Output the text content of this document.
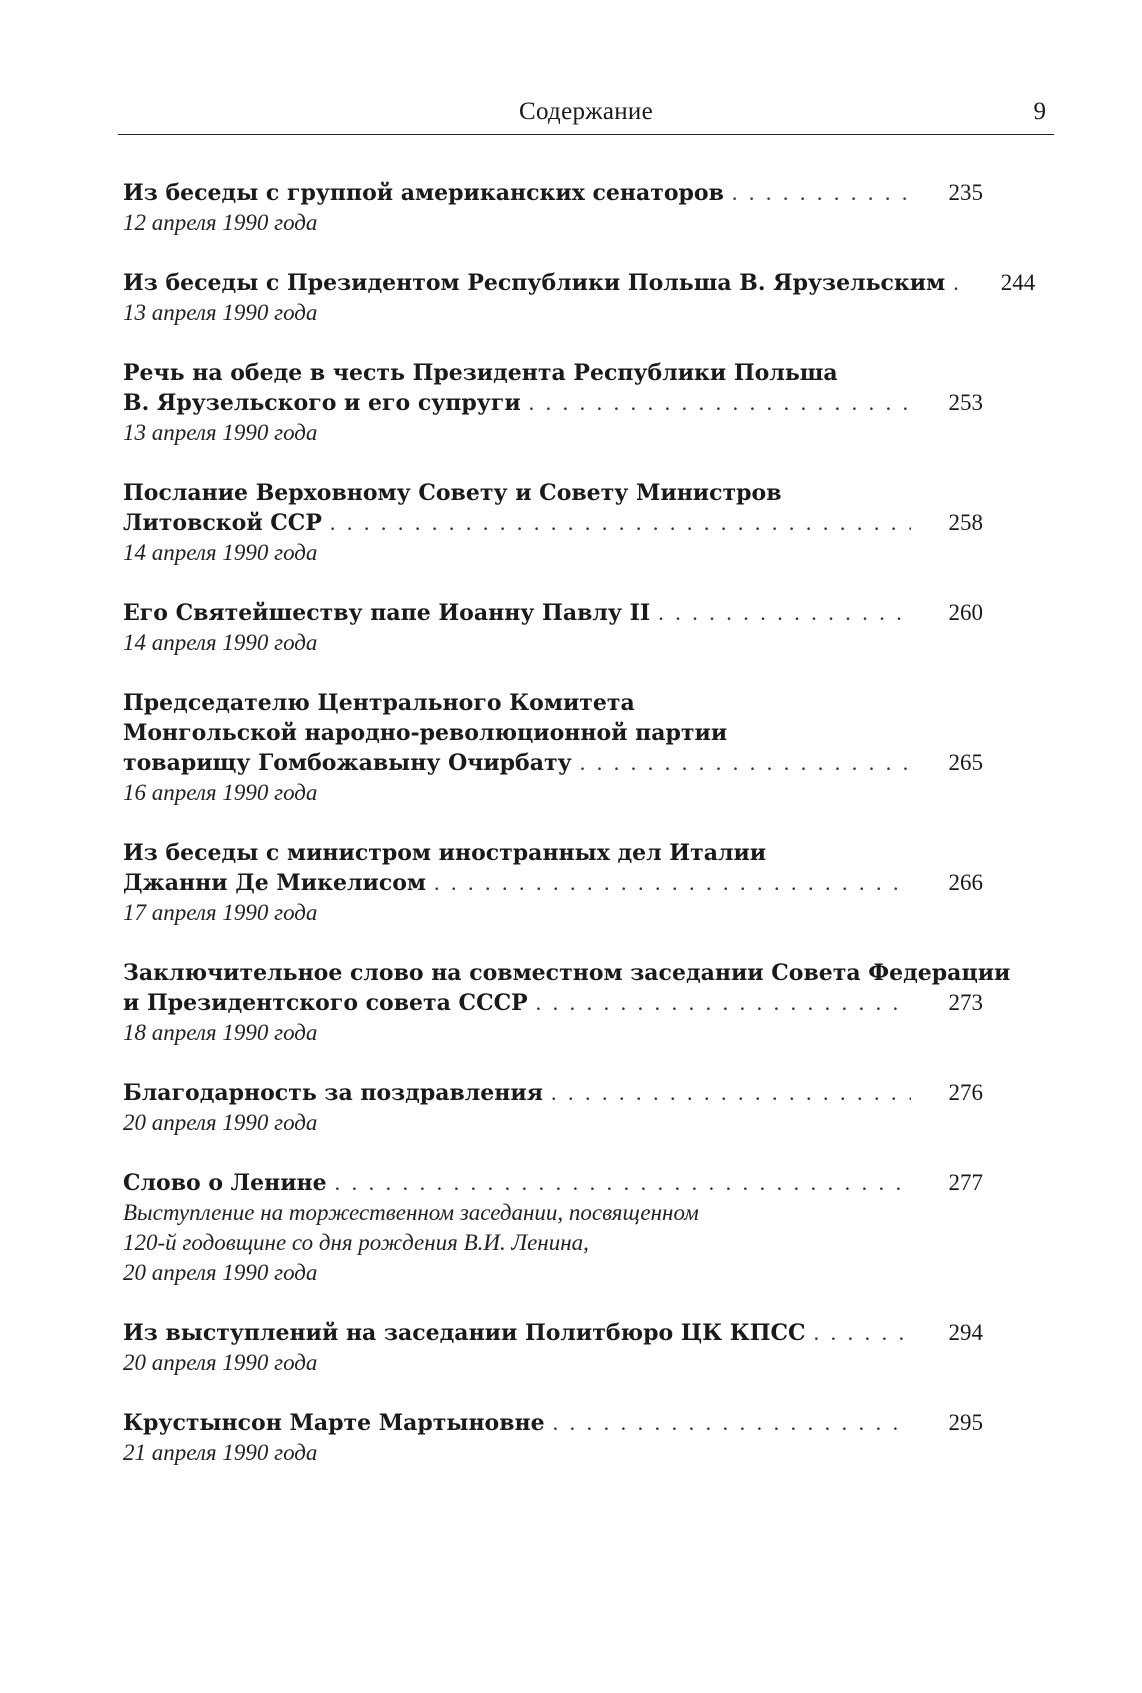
Содержание	9
Из беседы с группой американских сенаторов . . .	235
12 апреля 1990 года
Из беседы с Президентом Республики Польша В. Ярузельским . . .	244
13 апреля 1990 года
Речь на обеде в честь Президента Республики Польша
В. Ярузельского и его супруги . . .	253
13 апреля 1990 года
Послание Верховному Совету и Совету Министров
Литовской ССР . . .	258
14 апреля 1990 года
Его Святейшеству папе Иоанну Павлу II . . .	260
14 апреля 1990 года
Председателю Центрального Комитета
Монгольской народно-революционной партии
товарищу Гомбожавыну Очирбату . . .	265
16 апреля 1990 года
Из беседы с министром иностранных дел Италии
Джанни Де Микелисом . . .	266
17 апреля 1990 года
Заключительное слово на совместном заседании Совета Федерации
и Президентского совета СССР . . .	273
18 апреля 1990 года
Благодарность за поздравления . . .	276
20 апреля 1990 года
Слово о Ленине . . .	277
Выступление на торжественном заседании, посвященном
120-й годовщине со дня рождения В.И. Ленина,
20 апреля 1990 года
Из выступлений на заседании Политбюро ЦК КПСС . . .	294
20 апреля 1990 года
Крустынсон Марте Мартыновне . . .	295
21 апреля 1990 года
